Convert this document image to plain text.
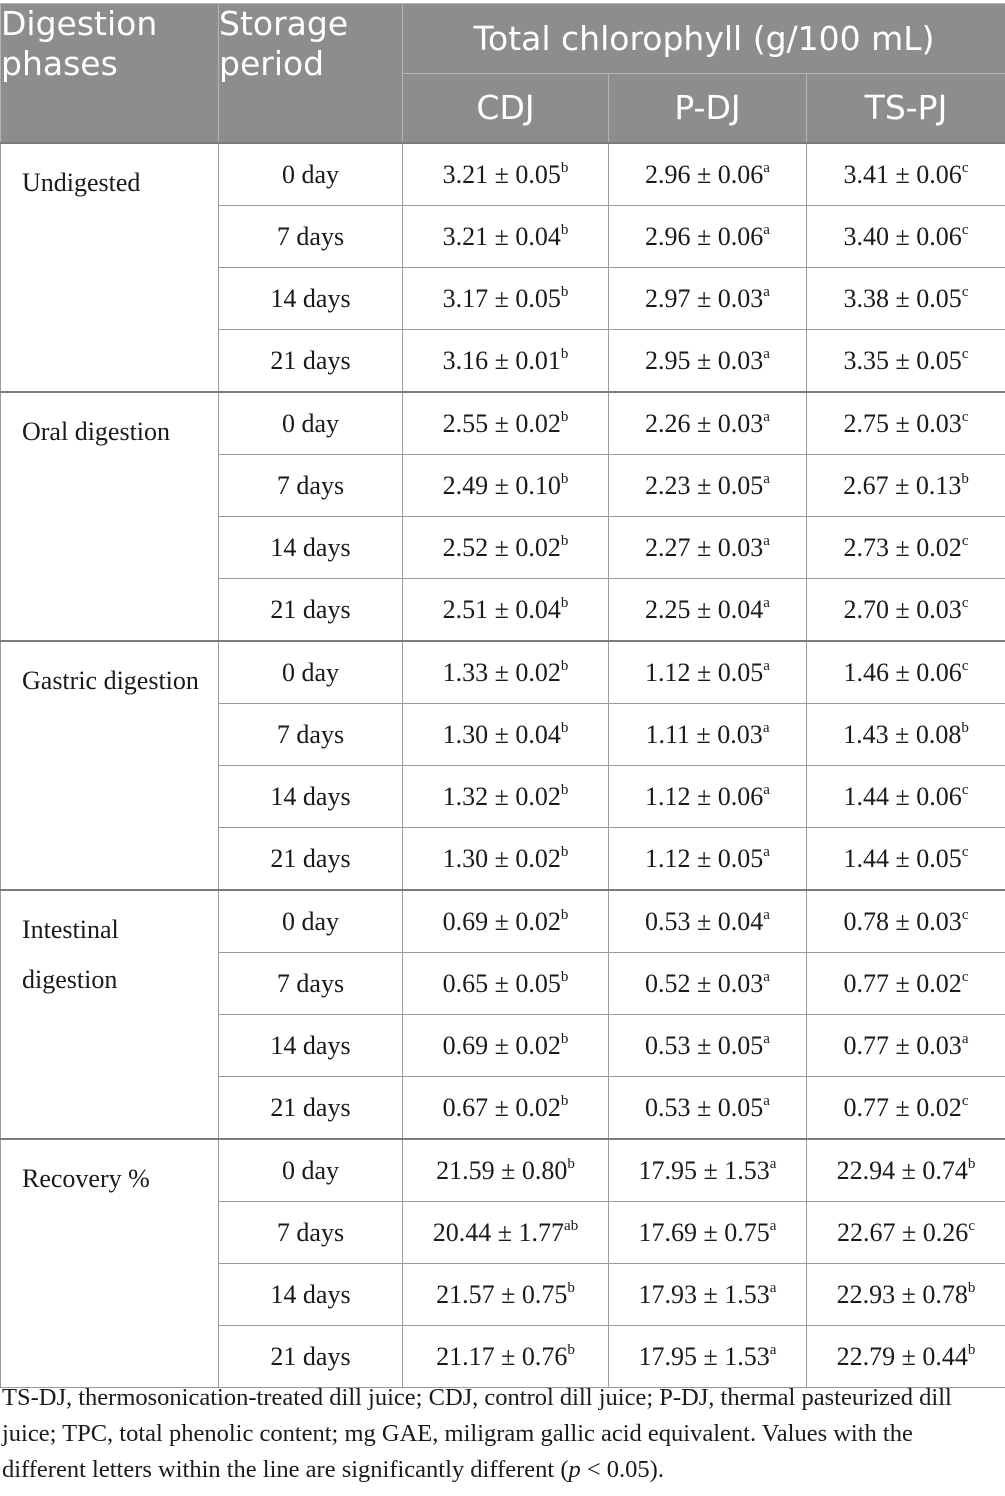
Digestion phases	Storage period	Total chlorophyll (g/100 mL)		
		CDJ	P-DJ	TS-PJ
Undigested	0 day	3.21 ± 0.05$^b$	2.96 ± 0.06$^a$	3.41 ± 0.06$^c$
	7 days	3.21 ± 0.04$^b$	2.96 ± 0.06$^a$	3.40 ± 0.06$^c$
	14 days	3.17 ± 0.05$^b$	2.97 ± 0.03$^a$	3.38 ± 0.05$^c$
	21 days	3.16 ± 0.01$^b$	2.95 ± 0.03$^a$	3.35 ± 0.05$^c$
Oral digestion	0 day	2.55 ± 0.02$^b$	2.26 ± 0.03$^a$	2.75 ± 0.03$^c$
	7 days	2.49 ± 0.10$^b$	2.23 ± 0.05$^a$	2.67 ± 0.13$^b$
	14 days	2.52 ± 0.02$^b$	2.27 ± 0.03$^a$	2.73 ± 0.02$^c$
	21 days	2.51 ± 0.04$^b$	2.25 ± 0.04$^a$	2.70 ± 0.03$^c$
Gastric digestion	0 day	1.33 ± 0.02$^b$	1.12 ± 0.05$^a$	1.46 ± 0.06$^c$
	7 days	1.30 ± 0.04$^b$	1.11 ± 0.03$^a$	1.43 ± 0.08$^b$
	14 days	1.32 ± 0.02$^b$	1.12 ± 0.06$^a$	1.44 ± 0.06$^c$
	21 days	1.30 ± 0.02$^b$	1.12 ± 0.05$^a$	1.44 ± 0.05$^c$
Intestinal digestion	0 day	0.69 ± 0.02$^b$	0.53 ± 0.04$^a$	0.78 ± 0.03$^c$
	7 days	0.65 ± 0.05$^b$	0.52 ± 0.03$^a$	0.77 ± 0.02$^c$
	14 days	0.69 ± 0.02$^b$	0.53 ± 0.05$^a$	0.77 ± 0.03$^a$
	21 days	0.67 ± 0.02$^b$	0.53 ± 0.05$^a$	0.77 ± 0.02$^c$
Recovery %	0 day	21.59 ± 0.80$^b$	17.95 ± 1.53$^a$	22.94 ± 0.74$^b$
	7 days	20.44 ± 1.77$^{ab}$	17.69 ± 0.75$^a$	22.67 ± 0.26$^c$
	14 days	21.57 ± 0.75$^b$	17.93 ± 1.53$^a$	22.93 ± 0.78$^b$
	21 days	21.17 ± 0.76$^b$	17.95 ± 1.53$^a$	22.79 ± 0.44$^b$
TS-DJ, thermosonication-treated dill juice; CDJ, control dill juice; P-DJ, thermal pasteurized dill juice; TPC, total phenolic content; mg GAE, miligram gallic acid equivalent. Values with the different letters within the line are significantly different (p < 0.05).
